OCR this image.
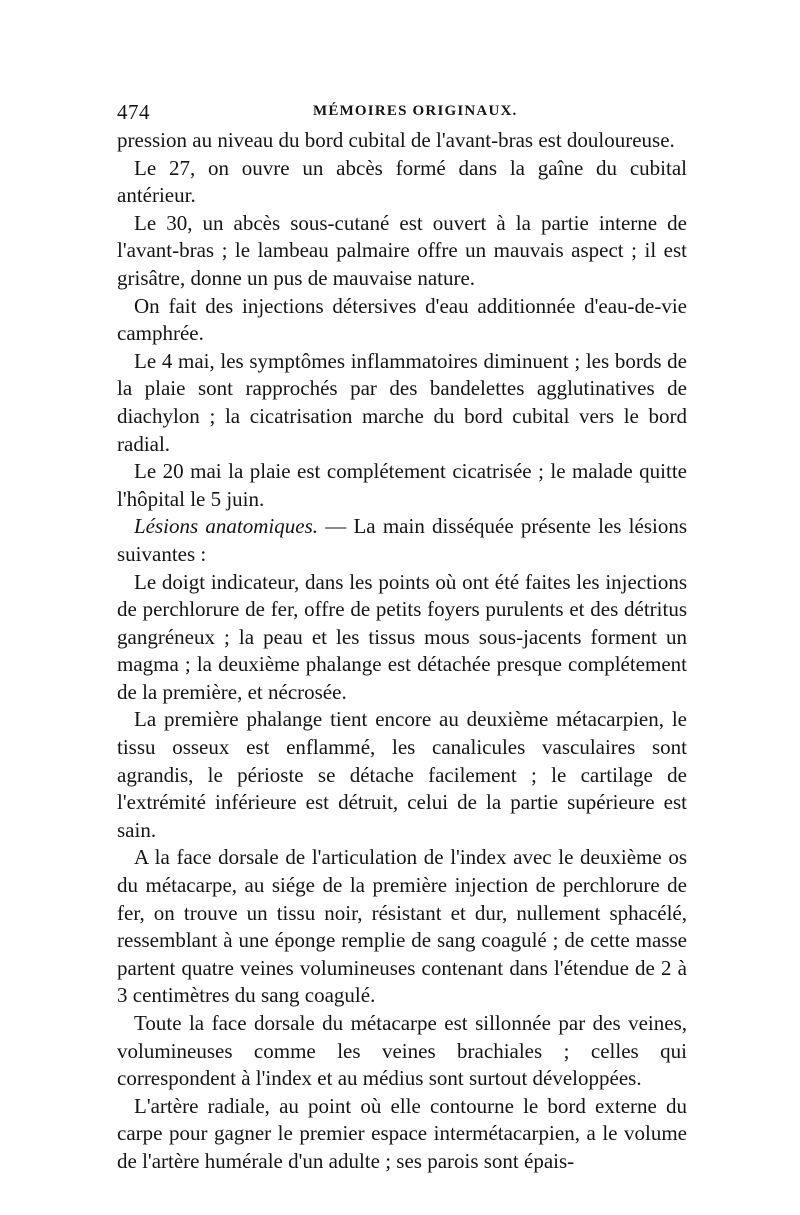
474	MÉMOIRES ORIGINAUX.

pression au niveau du bord cubital de l'avant-bras est douloureuse.

Le 27, on ouvre un abcès formé dans la gaîne du cubital antérieur.

Le 30, un abcès sous-cutané est ouvert à la partie interne de l'avant-bras ; le lambeau palmaire offre un mauvais aspect ; il est grisâtre, donne un pus de mauvaise nature.

On fait des injections détersives d'eau additionnée d'eau-de-vie camphrée.

Le 4 mai, les symptômes inflammatoires diminuent ; les bords de la plaie sont rapprochés par des bandelettes agglutinatives de diachylon ; la cicatrisation marche du bord cubital vers le bord radial.

Le 20 mai la plaie est complétement cicatrisée ; le malade quitte l'hôpital le 5 juin.

Lésions anatomiques. — La main disséquée présente les lésions suivantes :

Le doigt indicateur, dans les points où ont été faites les injections de perchlorure de fer, offre de petits foyers purulents et des détritus gangréneux ; la peau et les tissus mous sous-jacents forment un magma ; la deuxième phalange est détachée presque complétement de la première, et nécrosée.

La première phalange tient encore au deuxième métacarpien, le tissu osseux est enflammé, les canalicules vasculaires sont agrandis, le périoste se détache facilement ; le cartilage de l'extrémité inférieure est détruit, celui de la partie supérieure est sain.

A la face dorsale de l'articulation de l'index avec le deuxième os du métacarpe, au siége de la première injection de perchlorure de fer, on trouve un tissu noir, résistant et dur, nullement sphacélé, ressemblant à une éponge remplie de sang coagulé ; de cette masse partent quatre veines volumineuses contenant dans l'étendue de 2 à 3 centimètres du sang coagulé.

Toute la face dorsale du métacarpe est sillonnée par des veines, volumineuses comme les veines brachiales ; celles qui correspondent à l'index et au médius sont surtout développées.

L'artère radiale, au point où elle contourne le bord externe du carpe pour gagner le premier espace intermétacarpien, a le volume de l'artère humérale d'un adulte ; ses parois sont épais-
